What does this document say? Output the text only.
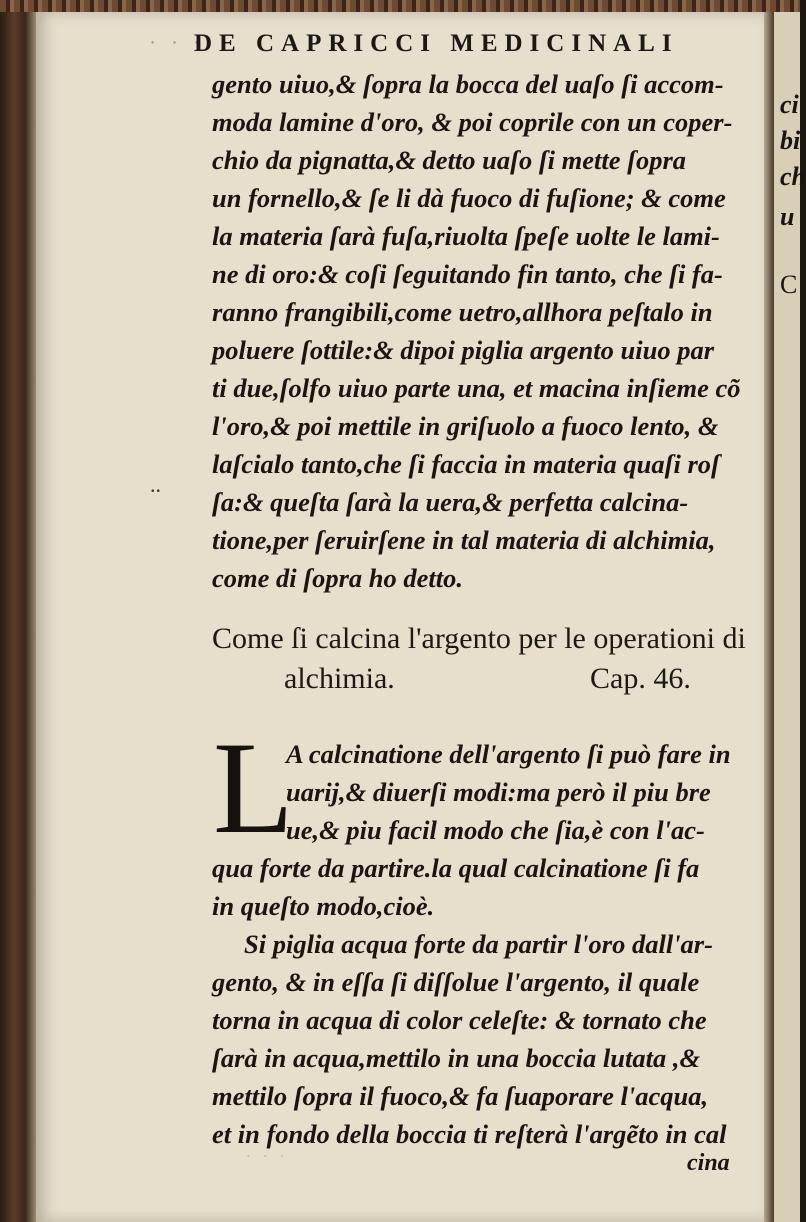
∙ ∙ ∙
DE CAPRICCI MEDICINALI
gento uiuo,& ſopra la bocca del uaſo ſi accom-
moda lamine d'oro, & poi coprile con un coper-
chio da pignatta,& detto uaſo ſi mette ſopra
un fornello,& ſe li dà fuoco di fuſione; & come
la materia ſarà fuſa,riuolta ſpeſe uolte le lami-
ne di oro:& coſi ſeguitando fin tanto, che ſi fa-
ranno frangibili,come uetro,allhora peſtalo in
poluere ſottile:& dipoi piglia argento uiuo par
ti due,ſolfo uiuo parte una, et macina inſieme cõ
l'oro,& poi mettile in griſuolo a fuoco lento, &
laſcialo tanto,che ſi faccia in materia quaſi roſ
ſa:& queſta ſarà la uera,& perfetta calcina-
tione,per ſeruirſene in tal materia di alchimia,
come di ſopra ho detto.
∙∙
Come ſi calcina l'argento per le operationi di
alchimia.	Cap. 46.
L
A calcinatione dell'argento ſi può fare in
uarij,& diuerſi modi:ma però il piu bre
ue,& piu facil modo che ſia,è con l'ac-
qua forte da partire.la qual calcinatione ſi fa
in queſto modo,cioè.
Si piglia acqua forte da partir l'oro dall'ar-
gento, & in eſſa ſi diſſolue l'argento, il quale
torna in acqua di color celeſte: & tornato che
ſarà in acqua,mettilo in una boccia lutata ,&
mettilo ſopra il fuoco,& fa ſuaporare l'acqua,
et in fondo della boccia ti reſterà l'argẽto in cal
∙ ∙ ∙	cina
ci
bi
ch
u
C
